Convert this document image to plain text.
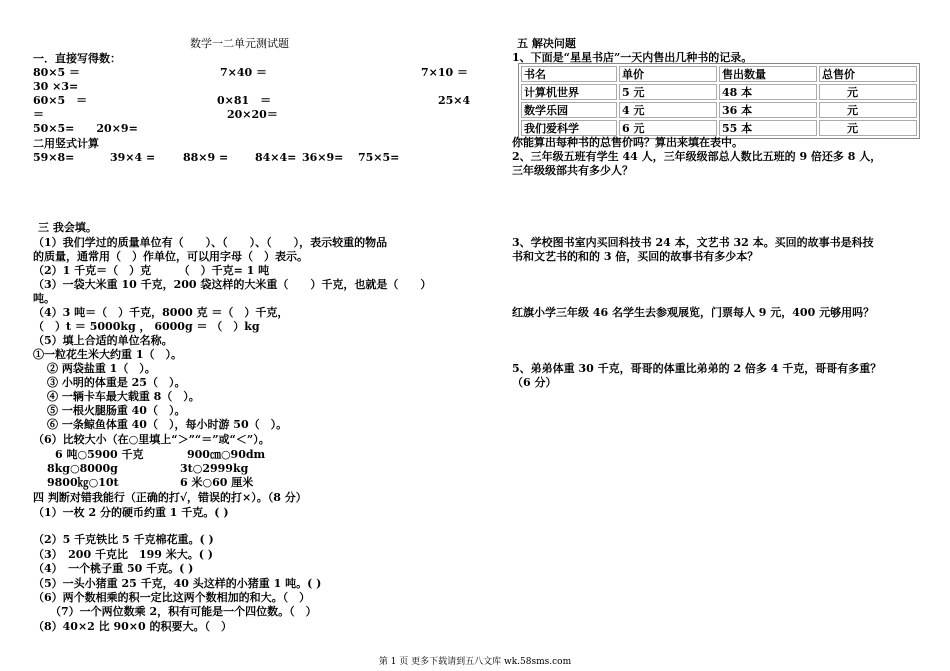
数学一二单元测试题
一．直接写得数：
80×5 ＝	7×40 ＝	7×10 ＝
30 ×3=
60×5　＝	0×81　＝	25×4
＝	20×20＝
50×5=　　20×9=
二用竖式计算
59×8=	39×4 =	88×9 = 84×4= 36×9= 75×5=
三 我会填。
（1）我们学过的质量单位有（　　）、（　　）、（　　），表示较重的物品
的质量，通常用（　）作单位，可以用字母（　）表示。
（2）1 千克＝（　）克　　　（　）千克= 1 吨
（3）一袋大米重 10 千克，200 袋这样的大米重（　　）千克，也就是（　　）
吨。
（4）3 吨＝（　）千克，8000 克 ＝（　）千克，
（　）t ＝ 5000kg ， 6000g ＝ （　）kg
（5）填上合适的单位名称。
①一粒花生米大约重 1（　）。
② 两袋盐重 1（　）。
③ 小明的体重是 25（　）。
④ 一辆卡车最大载重 8（　）。
⑤ 一根火腿肠重 40（　）。
⑥ 一条鲸鱼体重 40（　），每小时游 50（　）。
（6）比较大小（在○里填上“＞”“＝”或“＜”）。
6 吨○5900 千克	900㎝○90dm
8kg○8000g	3t○2999kg
9800㎏○10t	6 米○60 厘米
四 判断对错我能行（正确的打√，错误的打×）。（8 分）
（1）一枚 2 分的硬币约重 1 千克。( )
（2）5 千克铁比 5 千克棉花重。( )
（3）　200 千克比　199 米大。( )
（4）　一个桃子重 50 千克。( )
（5）一头小猪重 25 千克，40 头这样的小猪重 1 吨。( )
（6）两个数相乘的积一定比这两个数相加的和大。（　）
（7）一个两位数乘 2，积有可能是一个四位数。（　）
（8）40×2 比 90×0 的积要大。（　）
五 解决问题
1、下面是“星星书店”一天内售出几种书的记录。
书名	单价	售出数量	总售价
计算机世界	5 元	48 本	元
数学乐园	4 元	36 本	元
我们爱科学	6 元	55 本	元
你能算出每种书的总售价吗？算出来填在表中。
2、三年级五班有学生 44 人，三年级级部总人数比五班的 9 倍还多 8 人，
三年级级部共有多少人？
3、学校图书室内买回科技书 24 本，文艺书 32 本。买回的故事书是科技
书和文艺书的和的 3 倍，买回的故事书有多少本？
红旗小学三年级 46 名学生去参观展览，门票每人 9 元，400 元够用吗？
5、弟弟体重 30 千克，哥哥的体重比弟弟的 2 倍多 4 千克，哥哥有多重？
（6 分）
第 1 页 更多下载请到五八文库 wk.58sms.com
